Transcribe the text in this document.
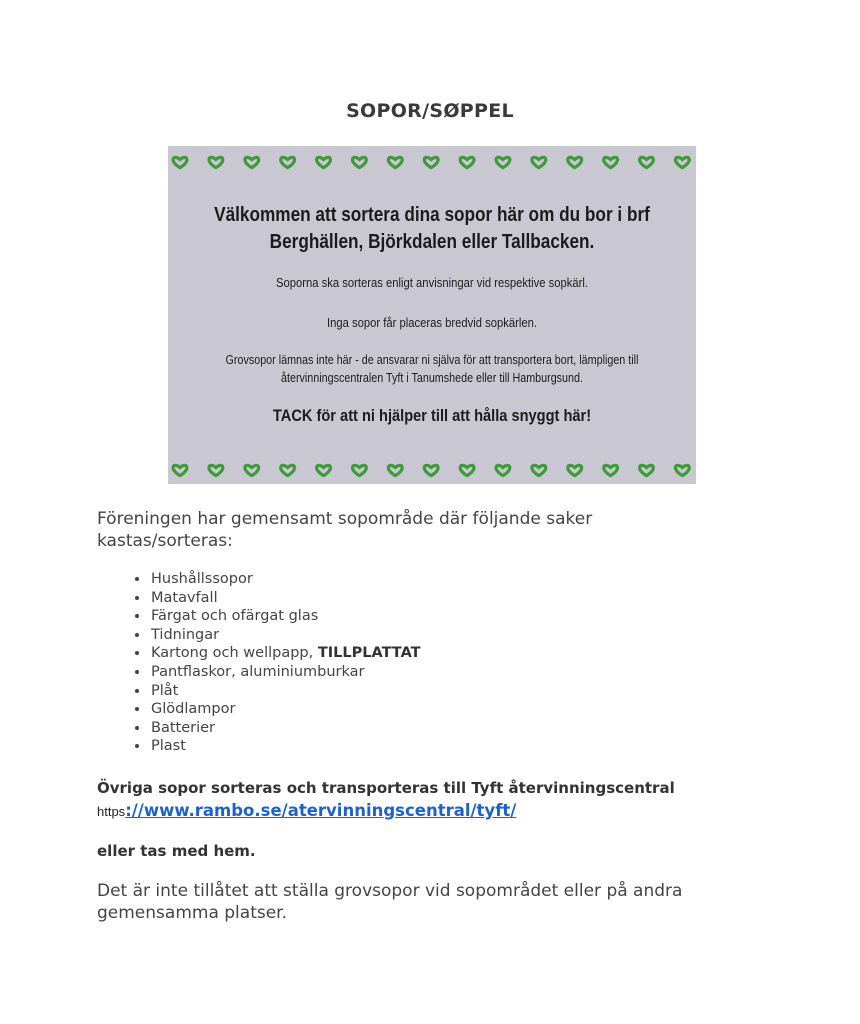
SOPOR/SØPPEL
Välkommen att sortera dina sopor här om du bor i brf Berghällen, Björkdalen eller Tallbacken.
Soporna ska sorteras enligt anvisningar vid respektive sopkärl.
Inga sopor får placeras bredvid sopkärlen.
Grovsopor lämnas inte här - de ansvarar ni själva för att transportera bort, lämpligen till återvinningscentralen Tyft i Tanumshede eller till Hamburgsund.
TACK för att ni hjälper till att hålla snyggt här!
Föreningen har gemensamt sopområde där följande saker kastas/sorteras:
• Hushållssopor
• Matavfall
• Färgat och ofärgat glas
• Tidningar
• Kartong och wellpapp, TILLPLATTAT
• Pantflaskor, aluminiumburkar
• Plåt
• Glödlampor
• Batterier
• Plast
Övriga sopor sorteras och transporteras till Tyft återvinningscentral
https://www.rambo.se/atervinningscentral/tyft/
eller tas med hem.
Det är inte tillåtet att ställa grovsopor vid sopområdet eller på andra gemensamma platser.
